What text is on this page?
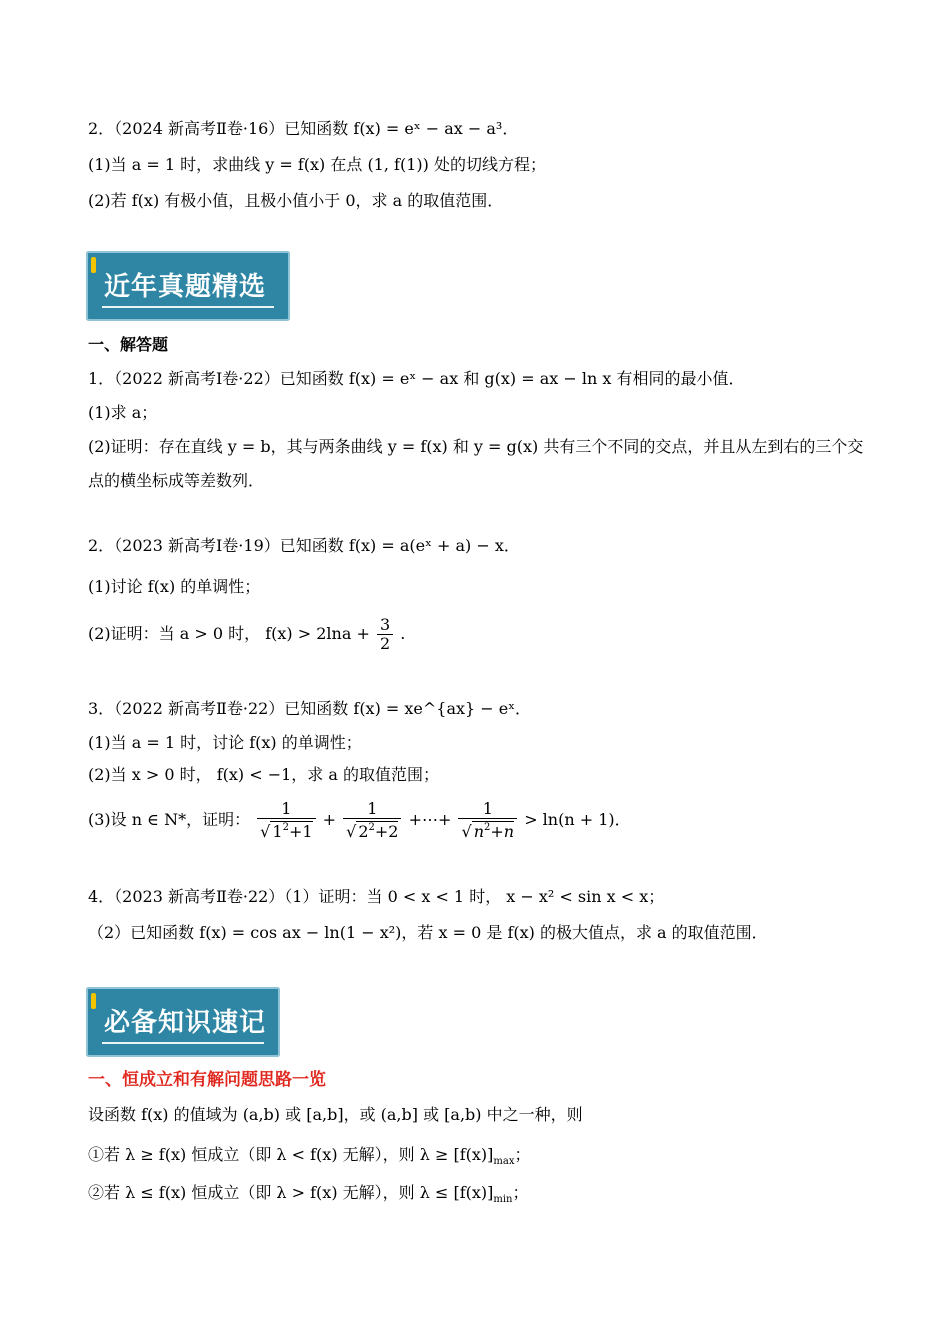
2．（2024 新高考Ⅱ卷·16）已知函数 f(x) = eˣ − ax − a³．
(1)当 a = 1 时，求曲线 y = f(x) 在点 (1, f(1)) 处的切线方程；
(2)若 f(x) 有极小值，且极小值小于 0，求 a 的取值范围．
近年真题精选
一、解答题
1．（2022 新高考Ⅰ卷·22）已知函数 f(x) = eˣ − ax 和 g(x) = ax − ln x 有相同的最小值．
(1)求 a；
(2)证明：存在直线 y = b，其与两条曲线 y = f(x) 和 y = g(x) 共有三个不同的交点，并且从左到右的三个交
点的横坐标成等差数列．
2．（2023 新高考Ⅰ卷·19）已知函数 f(x) = a(eˣ + a) − x．
(1)讨论 f(x) 的单调性；
(2)证明：当 a > 0 时， $f(x) > 2\ln a + \frac{3}{2}$ .
3．（2022 新高考Ⅱ卷·22）已知函数 f(x) = xe^{ax} − eˣ．
(1)当 a = 1 时，讨论 f(x) 的单调性；
(2)当 x > 0 时， f(x) < −1，求 a 的取值范围；
(3)设 n ∈ N*，证明： $\frac{1}{√ 1^2+1} + \frac{1}{√ 2^2+2}$ +⋯+ $\frac{1}{√ n^2+n} > \ln(n + 1)$．
4．（2023 新高考Ⅱ卷·22）（1）证明：当 0 < x < 1 时， x − x² < sin x < x；
（2）已知函数 f(x) = cos ax − ln(1 − x²)，若 x = 0 是 f(x) 的极大值点，求 a 的取值范围．
必备知识速记
一、恒成立和有解问题思路一览
设函数 f(x) 的值域为 (a,b) 或 [a,b]，或 (a,b] 或 [a,b) 中之一种，则
①若 λ ≥ f(x) 恒成立（即 λ < f(x) 无解），则 $\lambda \ge [f(x)]_{max}$；
②若 λ ≤ f(x) 恒成立（即 λ > f(x) 无解），则 $\lambda \le [f(x)]_{min}$；
